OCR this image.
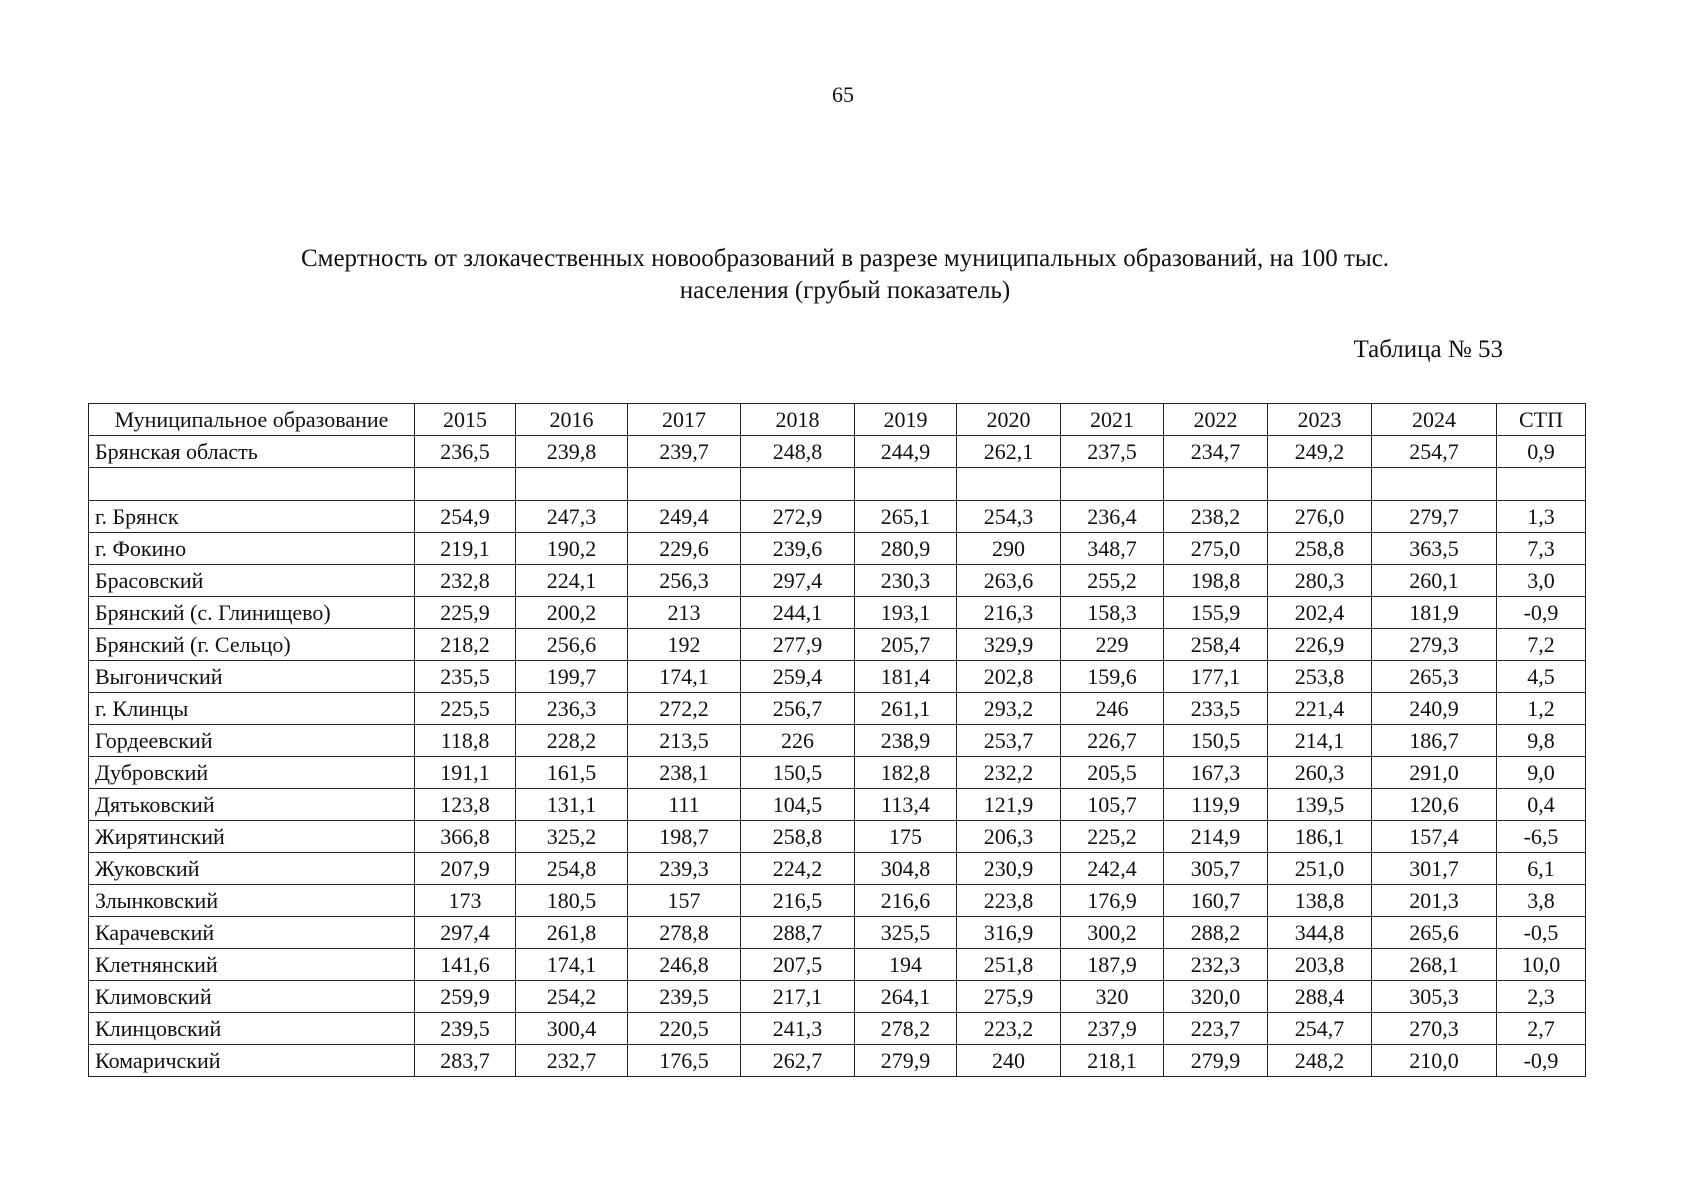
65
Смертность от злокачественных новообразований в разрезе муниципальных образований, на 100 тыс.
населения (грубый показатель)
Таблица № 53
Муниципальное образование	2015	2016	2017	2018	2019	2020	2021	2022	2023	2024	СТП
Брянская область	236,5	239,8	239,7	248,8	244,9	262,1	237,5	234,7	249,2	254,7	0,9

г. Брянск	254,9	247,3	249,4	272,9	265,1	254,3	236,4	238,2	276,0	279,7	1,3
г. Фокино	219,1	190,2	229,6	239,6	280,9	290	348,7	275,0	258,8	363,5	7,3
Брасовский	232,8	224,1	256,3	297,4	230,3	263,6	255,2	198,8	280,3	260,1	3,0
Брянский (с. Глинищево)	225,9	200,2	213	244,1	193,1	216,3	158,3	155,9	202,4	181,9	-0,9
Брянский (г. Сельцо)	218,2	256,6	192	277,9	205,7	329,9	229	258,4	226,9	279,3	7,2
Выгоничский	235,5	199,7	174,1	259,4	181,4	202,8	159,6	177,1	253,8	265,3	4,5
г. Клинцы	225,5	236,3	272,2	256,7	261,1	293,2	246	233,5	221,4	240,9	1,2
Гордеевский	118,8	228,2	213,5	226	238,9	253,7	226,7	150,5	214,1	186,7	9,8
Дубровский	191,1	161,5	238,1	150,5	182,8	232,2	205,5	167,3	260,3	291,0	9,0
Дятьковский	123,8	131,1	111	104,5	113,4	121,9	105,7	119,9	139,5	120,6	0,4
Жирятинский	366,8	325,2	198,7	258,8	175	206,3	225,2	214,9	186,1	157,4	-6,5
Жуковский	207,9	254,8	239,3	224,2	304,8	230,9	242,4	305,7	251,0	301,7	6,1
Злынковский	173	180,5	157	216,5	216,6	223,8	176,9	160,7	138,8	201,3	3,8
Карачевский	297,4	261,8	278,8	288,7	325,5	316,9	300,2	288,2	344,8	265,6	-0,5
Клетнянский	141,6	174,1	246,8	207,5	194	251,8	187,9	232,3	203,8	268,1	10,0
Климовский	259,9	254,2	239,5	217,1	264,1	275,9	320	320,0	288,4	305,3	2,3
Клинцовский	239,5	300,4	220,5	241,3	278,2	223,2	237,9	223,7	254,7	270,3	2,7
Комаричский	283,7	232,7	176,5	262,7	279,9	240	218,1	279,9	248,2	210,0	-0,9
